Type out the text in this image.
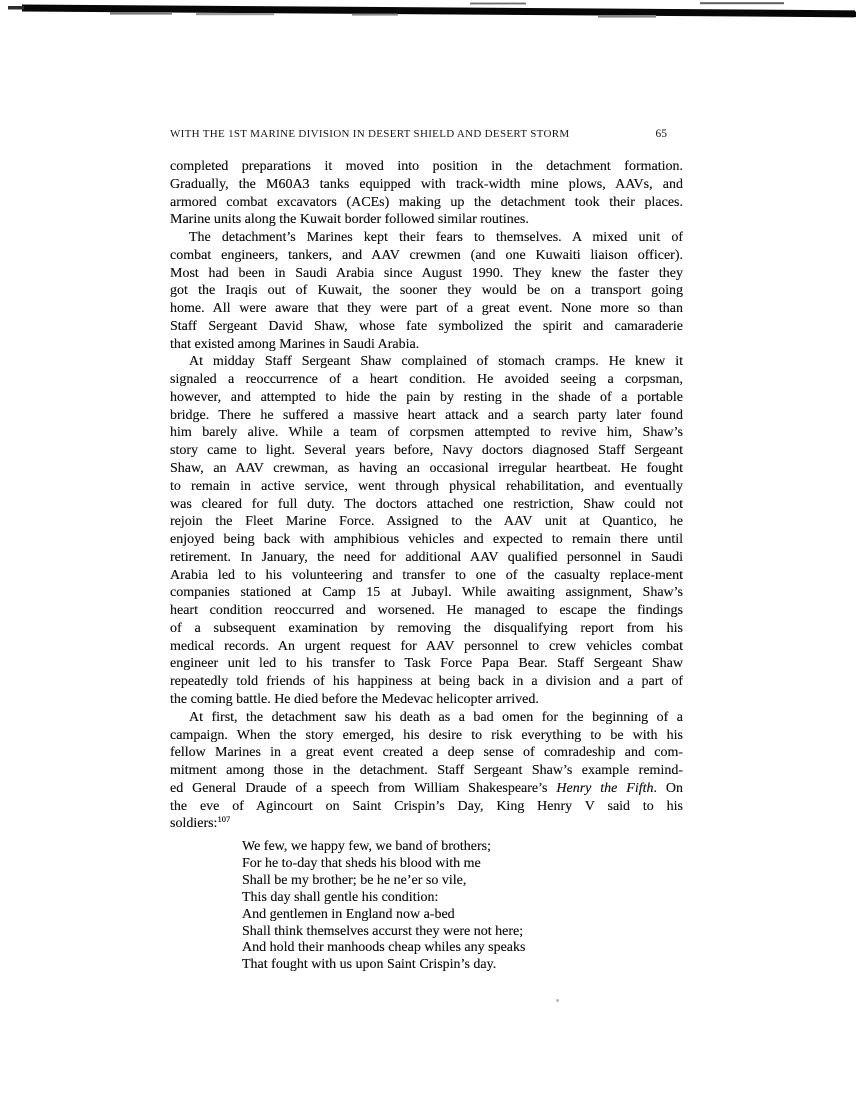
WITH THE 1ST MARINE DIVISION IN DESERT SHIELD AND DESERT STORM	65
completed preparations it moved into position in the detachment formation.
Gradually, the M60A3 tanks equipped with track-width mine plows, AAVs, and
armored combat excavators (ACEs) making up the detachment took their places.
Marine units along the Kuwait border followed similar routines.
The detachment’s Marines kept their fears to themselves. A mixed unit of
combat engineers, tankers, and AAV crewmen (and one Kuwaiti liaison officer).
Most had been in Saudi Arabia since August 1990. They knew the faster they
got the Iraqis out of Kuwait, the sooner they would be on a transport going
home. All were aware that they were part of a great event. None more so than
Staff Sergeant David Shaw, whose fate symbolized the spirit and camaraderie
that existed among Marines in Saudi Arabia.
At midday Staff Sergeant Shaw complained of stomach cramps. He knew it
signaled a reoccurrence of a heart condition. He avoided seeing a corpsman,
however, and attempted to hide the pain by resting in the shade of a portable
bridge. There he suffered a massive heart attack and a search party later found
him barely alive. While a team of corpsmen attempted to revive him, Shaw’s
story came to light. Several years before, Navy doctors diagnosed Staff Sergeant
Shaw, an AAV crewman, as having an occasional irregular heartbeat. He fought
to remain in active service, went through physical rehabilitation, and eventually
was cleared for full duty. The doctors attached one restriction, Shaw could not
rejoin the Fleet Marine Force. Assigned to the AAV unit at Quantico, he
enjoyed being back with amphibious vehicles and expected to remain there until
retirement. In January, the need for additional AAV qualified personnel in Saudi
Arabia led to his volunteering and transfer to one of the casualty replace-ment
companies stationed at Camp 15 at Jubayl. While awaiting assignment, Shaw’s
heart condition reoccurred and worsened. He managed to escape the findings
of a subsequent examination by removing the disqualifying report from his
medical records. An urgent request for AAV personnel to crew vehicles combat
engineer unit led to his transfer to Task Force Papa Bear. Staff Sergeant Shaw
repeatedly told friends of his happiness at being back in a division and a part of
the coming battle. He died before the Medevac helicopter arrived.
At first, the detachment saw his death as a bad omen for the beginning of a
campaign. When the story emerged, his desire to risk everything to be with his
fellow Marines in a great event created a deep sense of comradeship and com-
mitment among those in the detachment. Staff Sergeant Shaw’s example remind-
ed General Draude of a speech from William Shakespeare’s Henry the Fifth. On
the eve of Agincourt on Saint Crispin’s Day, King Henry V said to his
soldiers:$^{107}$
We few, we happy few, we band of brothers;
For he to-day that sheds his blood with me
Shall be my brother; be he ne’er so vile,
This day shall gentle his condition:
And gentlemen in England now a-bed
Shall think themselves accurst they were not here;
And hold their manhoods cheap whiles any speaks
That fought with us upon Saint Crispin’s day.
